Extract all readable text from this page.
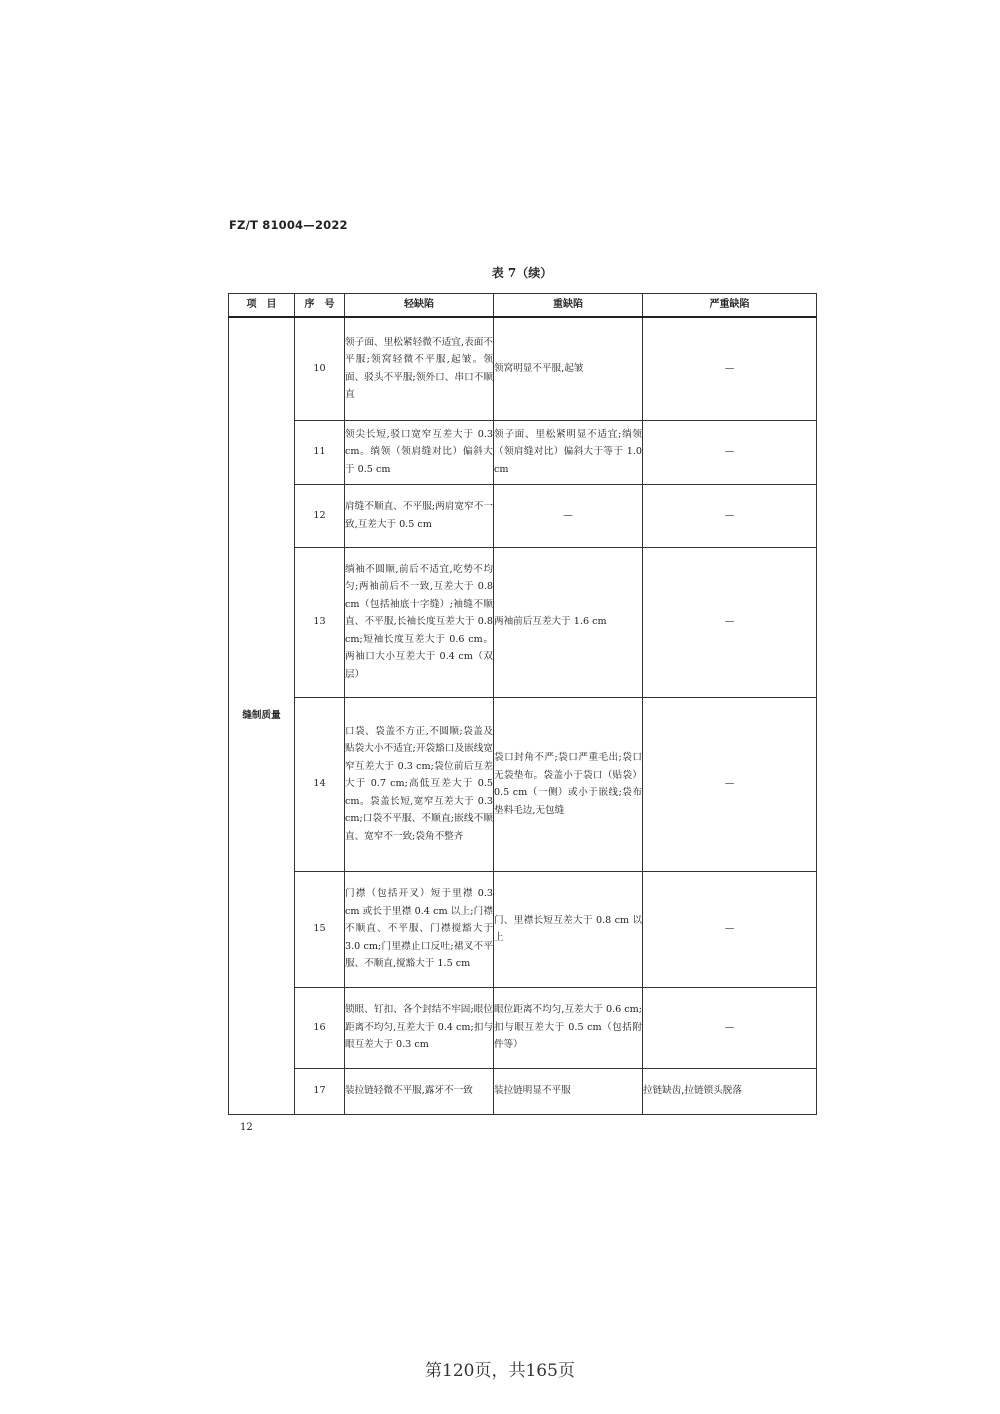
FZ/T 81004—2022
表 7（续）
项　目	序　号	轻缺陷	重缺陷	严重缺陷
缝制质量	10	领子面、里松紧轻微不适宜,表面不平服;领窝轻微不平服,起皱。领面、驳头不平服;领外口、串口不顺直	领窝明显不平服,起皱	—
	11	领尖长短,驳口宽窄互差大于 0.3 cm。绱领（领肩缝对比）偏斜大于 0.5 cm	领子面、里松紧明显不适宜;绱领（领肩缝对比）偏斜大于等于 1.0 cm	—
	12	肩缝不顺直、不平服;两肩宽窄不一致,互差大于 0.5 cm	—	—
	13	绱袖不圆顺,前后不适宜,吃势不均匀;两袖前后不一致,互差大于 0.8 cm（包括袖底十字缝）;袖缝不顺直、不平服,长袖长度互差大于 0.8 cm;短袖长度互差大于 0.6 cm。两袖口大小互差大于 0.4 cm（双层）	两袖前后互差大于 1.6 cm	—
	14	口袋、袋盖不方正,不圆顺;袋盖及贴袋大小不适宜;开袋豁口及嵌线宽窄互差大于 0.3 cm;袋位前后互差大于 0.7 cm;高低互差大于 0.5 cm。袋盖长短,宽窄互差大于 0.3 cm;口袋不平服、不顺直;嵌线不顺直、宽窄不一致;袋角不整齐	袋口封角不严;袋口严重毛出;袋口无袋垫布。袋盖小于袋口（贴袋）0.5 cm（一侧）或小于嵌线;袋布垫料毛边,无包缝	—
	15	门襟（包括开叉）短于里襟 0.3 cm 或长于里襟 0.4 cm 以上;门襟不顺直、不平服、门襟搅豁大于 3.0 cm;门里襟止口反吐;裙叉不平服、不顺直,搅豁大于 1.5 cm	门、里襟长短互差大于 0.8 cm 以上	—
	16	锁眼、钉扣、各个封结不牢固;眼位距离不均匀,互差大于 0.4 cm;扣与眼互差大于 0.3 cm	眼位距离不均匀,互差大于 0.6 cm;扣与眼互差大于 0.5 cm（包括附件等）	—
	17	装拉链轻微不平服,露牙不一致	装拉链明显不平服	拉链缺齿,拉链锁头脱落
12
第120页，共165页
